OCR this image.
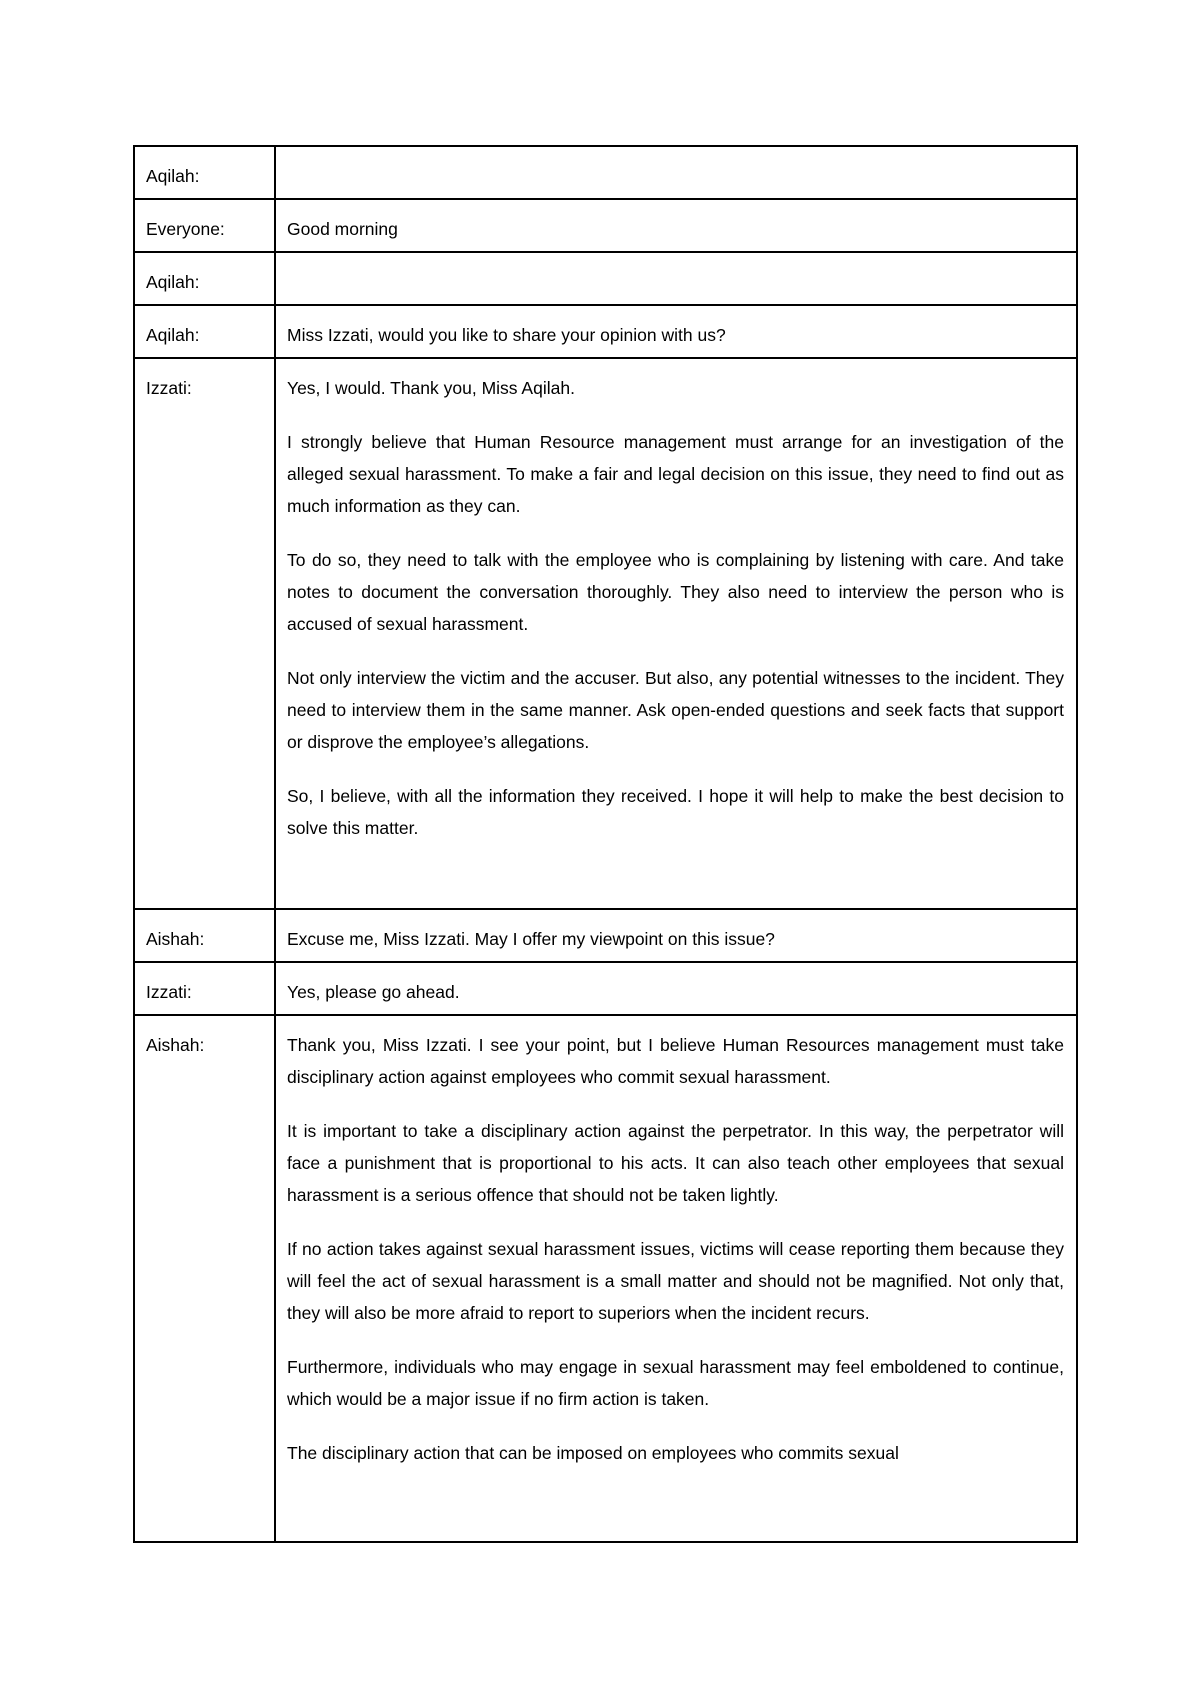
Aqilah:	

Everyone:	Good morning

Aqilah:	

Aqilah:	Miss Izzati, would you like to share your opinion with us?

Izzati:	Yes, I would. Thank you, Miss Aqilah.

I strongly believe that Human Resource management must arrange for an investigation of the alleged sexual harassment. To make a fair and legal decision on this issue, they need to find out as much information as they can.

To do so, they need to talk with the employee who is complaining by listening with care. And take notes to document the conversation thoroughly. They also need to interview the person who is accused of sexual harassment.

Not only interview the victim and the accuser. But also, any potential witnesses to the incident. They need to interview them in the same manner. Ask open-ended questions and seek facts that support or disprove the employee’s allegations.

So, I believe, with all the information they received. I hope it will help to make the best decision to solve this matter.

Aishah:	Excuse me, Miss Izzati. May I offer my viewpoint on this issue?

Izzati:	Yes, please go ahead.

Aishah:	Thank you, Miss Izzati. I see your point, but I believe Human Resources management must take disciplinary action against employees who commit sexual harassment.

It is important to take a disciplinary action against the perpetrator. In this way, the perpetrator will face a punishment that is proportional to his acts. It can also teach other employees that sexual harassment is a serious offence that should not be taken lightly.

If no action takes against sexual harassment issues, victims will cease reporting them because they will feel the act of sexual harassment is a small matter and should not be magnified. Not only that, they will also be more afraid to report to superiors when the incident recurs.

Furthermore, individuals who may engage in sexual harassment may feel emboldened to continue, which would be a major issue if no firm action is taken.

The disciplinary action that can be imposed on employees who commits sexual
